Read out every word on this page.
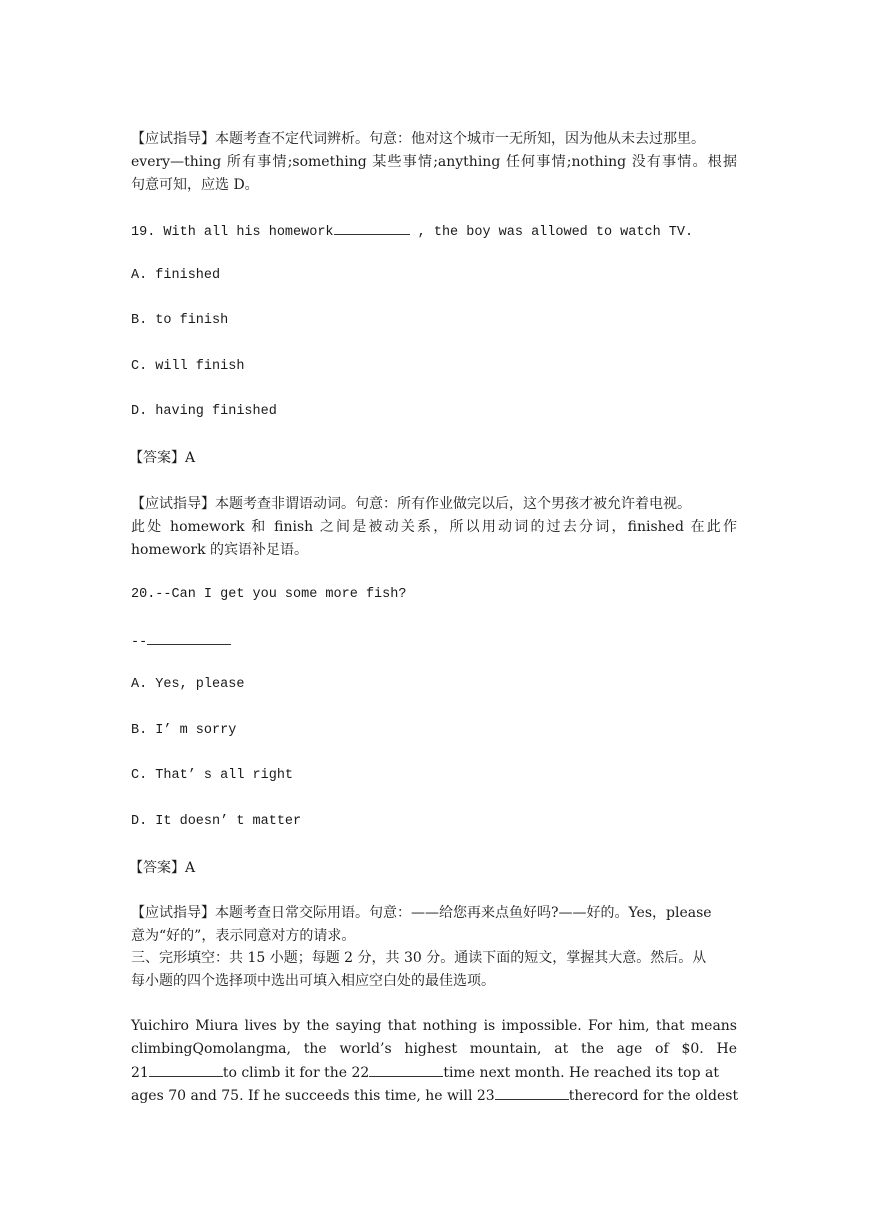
【应试指导】本题考查不定代词辨析。句意：他对这个城市一无所知，因为他从未去过那里。
every—thing 所有事情;something 某些事情;anything 任何事情;nothing 没有事情。根据
句意可知，应选 D。
19. With all his homework	, the boy was allowed to watch TV.
A. finished
B. to finish
C. will finish
D. having finished
【答案】A
【应试指导】本题考查非谓语动词。句意：所有作业做完以后，这个男孩才被允许着电视。
此处 homework 和 finish 之间是被动关系，所以用动词的过去分词，finished 在此作
homework 的宾语补足语。
20.--Can I get you some more fish?
--
A. Yes, please
B. I’ m sorry
C. That’ s all right
D. It doesn’ t matter
【答案】A
【应试指导】本题考查日常交际用语。句意：——给您再来点鱼好吗?——好的。Yes，please
意为“好的”，表示同意对方的请求。
三、完形填空：共 15 小题；每题 2 分，共 30 分。通读下面的短文，掌握其大意。然后。从
每小题的四个选择项中选出可填入相应空白处的最佳选项。
Yuichiro Miura lives by the saying that nothing is impossible. For him, that means
climbingQomolangma, the world’s highest mountain, at the age of $0. He
21	to climb it for the 22	time next month. He reached its top at
ages 70 and 75. If he succeeds this time, he will 23	therecord for the oldest
